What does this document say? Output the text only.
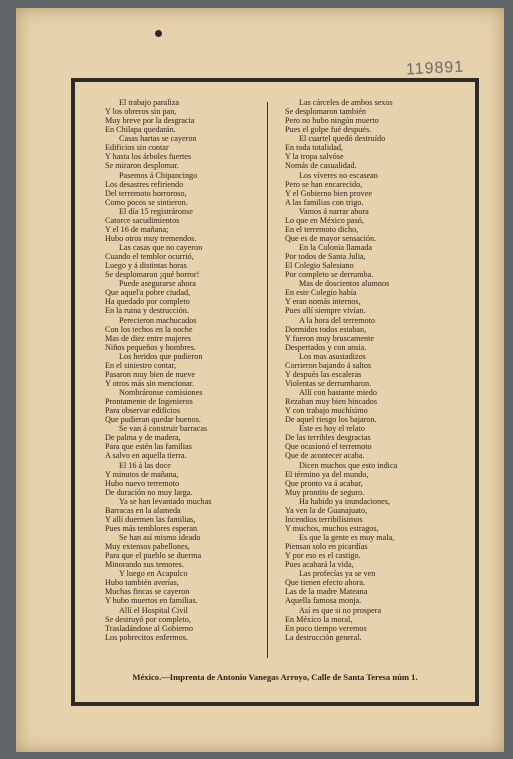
119891
El trabajo paraliza
Y los obreros sin pan,
Muy breve por la desgracia
En Chilapa quedarán.
Casas hartas se cayeron
Edificios sin contar
Y hasta los árboles fuertes
Se miraron desplomar.
Pasemos á Chipancingo
Los desastres refiriendo
Del terremoto horroroso,
Como pocos se sintieron.
El día 15 registráronse
Catorce sacudimientos
Y el 16 de mañana;
Hubo otros muy tremendos.
Las casas que no cayeron
Cuando el temblor ocurrió,
Luego y á distintas horas
Se desplomaron ¡qué horror!
Puede asegurarse ahora
Que aquel'a pobre ciudad,
Ha quedado por completo
En la ruina y destrucción.
Perecieron machucados
Con los techos en la noche
Mas de diez entre mujeres
Niños pequeños y hombres.
Los heridos que pudieron
En el siniestro contar,
Pasaron muy bien de nueve
Y otros más sin mencionar.
Nombráronse comisiones
Prontamente de Ingenieros
Para observar edificios
Que pudieran quedar buenos.
Se van á construir barracas
De palma y de madera,
Para que estén las familias
A salvo en aquella tierra.
El 16 á las doce
Y minutos de mañana,
Hubo nuevo terremoto
De duración no muy larga.
Ya se han levantado muchas
Barracas en la alameda
Y allí duermen las familias,
Pues más temblores esperan
Se han así mismo ideado
Muy extensos pabellones,
Para que el pueblo se duerma
Minorando sus temores.
Y luego en Acapulco
Hubo también averías,
Muchas fincas se cayeron
Y hubo muertos en familias.
Allí el Hospital Civil
Se destruyó por completo,
Trasladándose al Gobierno
Los pobrecitos enfermos.
Las cárceles de ambos sexos
Se desplomaron también
Pero no hubo ningún muerto
Pues el golpe fué después.
El cuartel quedó destruído
En toda totalidad,
Y la tropa salvóse
Nomás de casualidad.
Los víveres no escasean
Pero se han encarecido,
Y el Gobierno bien provee
A las familias con trigo.
Vamos á narrar ahora
Lo que en México pasó,
En el terremoto dicho,
Que es de mayor sensación.
En la Colonia llamada
Por todos de Santa Julia,
El Colegio Salesiano
Por completo se derrumba.
Mas de doscientos alumnos
En este Colegio había
Y eran nomás internos,
Pues allí siempre vivían.
A la hora del terremoto
Dormidos todos estaban,
Y fueron muy bruscamente
Despertados y con ansia.
Los mas asustadizos
Corrieron bajando á saltos
Y después las escaleras
Violentas se derrumbaron.
Allí con bastante miedo
Rezaban muy bien hincados
Y con trabajo muchísimo
De aquel riesgo los bajaron.
Este es hoy el relato
De las terribles desgracias
Que ocasionó el terremoto
Que de acontecer acaba.
Dicen muchos que esto indica
El término ya del mundo,
Que pronto va á acabar,
Muy prontito de seguro.
Ha habido ya inundaciones,
Ya ven la de Guanajuato,
Incendios terribilísimos
Y muchos, muchos estragos,
Es que la gente es muy mala,
Piensan solo en picardías
Y por eso es el castigo.
Pues acabará la vida,
Las profecías ya se ven
Que tienen efecto ahora.
Las de la madre Mateana
Aquella famosa monja.
Así es que si no prospera
En México la moral,
En poco tiempo veremos
La destrucción general.
México.—Imprenta de Antonio Vanegas Arroyo, Calle de Santa Teresa núm 1.
